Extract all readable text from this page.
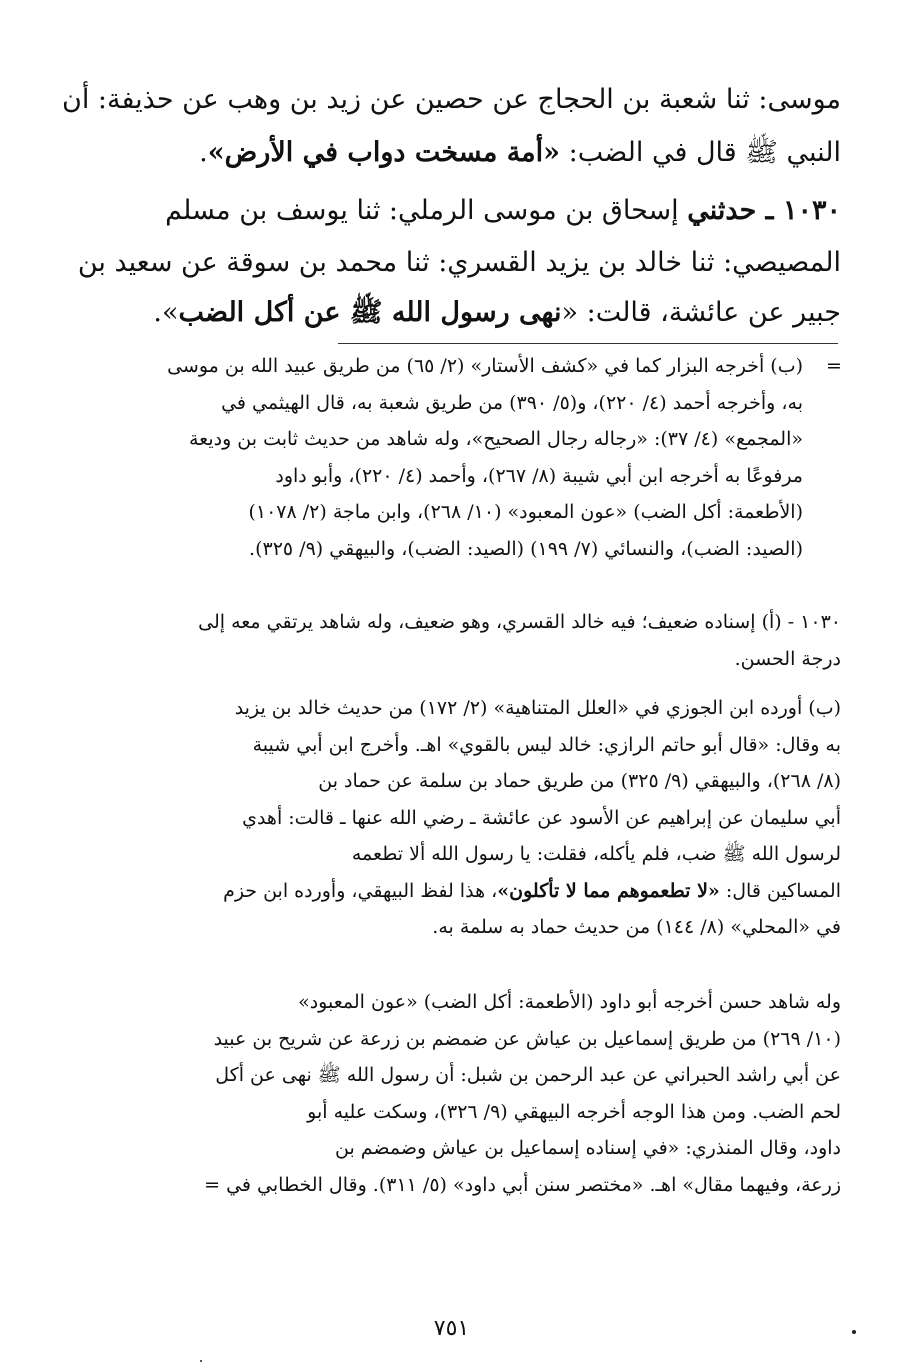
موسى: ثنا شعبة بن الحجاج عن حصين عن زيد بن وهب عن حذيفة: أن
النبي ﷺ قال في الضب: «أمة مسخت دواب في الأرض».
١٠٣٠ ـ حدثني إسحاق بن موسى الرملي: ثنا يوسف بن مسلم
المصيصي: ثنا خالد بن يزيد القسري: ثنا محمد بن سوقة عن سعيد بن
جبير عن عائشة، قالت: «نهى رسول الله ﷺ عن أكل الضب».
=
(ب) أخرجه البزار كما في «كشف الأستار» (٢/ ٦٥) من طريق عبيد الله بن موسى
به، وأخرجه أحمد (٤/ ٢٢٠)، و(٥/ ٣٩٠) من طريق شعبة به، قال الهيثمي في
«المجمع» (٤/ ٣٧): «رجاله رجال الصحيح»، وله شاهد من حديث ثابت بن وديعة
مرفوعًا به أخرجه ابن أبي شيبة (٨/ ٢٦٧)، وأحمد (٤/ ٢٢٠)، وأبو داود
(الأطعمة: أكل الضب) «عون المعبود» (١٠/ ٢٦٨)، وابن ماجة (٢/ ١٠٧٨)
(الصيد: الضب)، والنسائي (٧/ ١٩٩) (الصيد: الضب)، والبيهقي (٩/ ٣٢٥).
١٠٣٠ - (أ) إسناده ضعيف؛ فيه خالد القسري، وهو ضعيف، وله شاهد يرتقي معه إلى
درجة الحسن.
(ب) أورده ابن الجوزي في «العلل المتناهية» (٢/ ١٧٢) من حديث خالد بن يزيد
به وقال: «قال أبو حاتم الرازي: خالد ليس بالقوي» اهـ. وأخرج ابن أبي شيبة
(٨/ ٢٦٨)، والبيهقي (٩/ ٣٢٥) من طريق حماد بن سلمة عن حماد بن
أبي سليمان عن إبراهيم عن الأسود عن عائشة ـ رضي الله عنها ـ قالت: أهدي
لرسول الله ﷺ ضب، فلم يأكله، فقلت: يا رسول الله ألا تطعمه
المساكين قال: «لا تطعموهم مما لا تأكلون»، هذا لفظ البيهقي، وأورده ابن حزم
في «المحلي» (٨/ ١٤٤) من حديث حماد به سلمة به.
وله شاهد حسن أخرجه أبو داود (الأطعمة: أكل الضب) «عون المعبود»
(١٠/ ٢٦٩) من طريق إسماعيل بن عياش عن ضمضم بن زرعة عن شريح بن عبيد
عن أبي راشد الحبراني عن عبد الرحمن بن شبل: أن رسول الله ﷺ نهى عن أكل
لحم الضب. ومن هذا الوجه أخرجه البيهقي (٩/ ٣٢٦)، وسكت عليه أبو
داود، وقال المنذري: «في إسناده إسماعيل بن عياش وضمضم بن
زرعة، وفيهما مقال» اهـ. «مختصر سنن أبي داود» (٥/ ٣١١). وقال الخطابي في =
٧٥١
